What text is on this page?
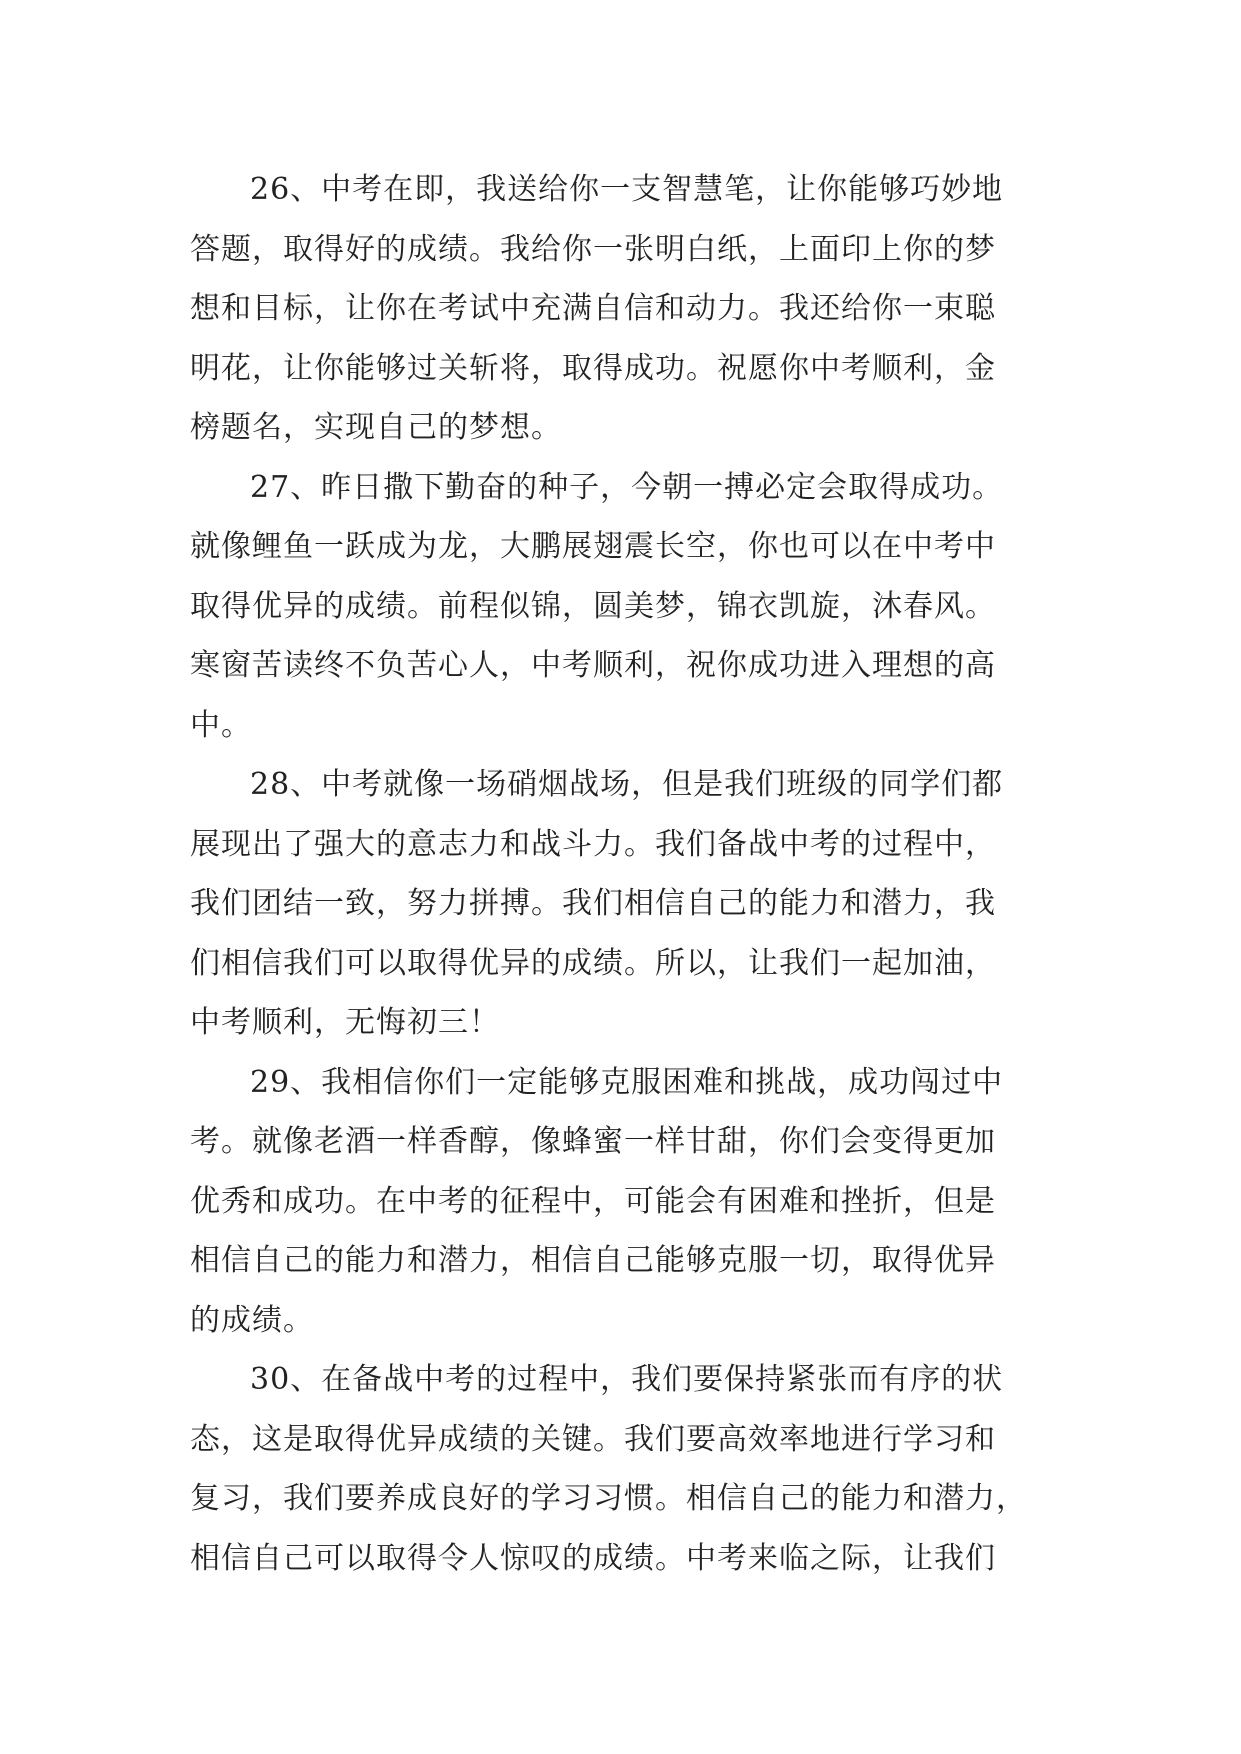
26、中考在即，我送给你一支智慧笔，让你能够巧妙地
答题，取得好的成绩。我给你一张明白纸，上面印上你的梦
想和目标，让你在考试中充满自信和动力。我还给你一束聪
明花，让你能够过关斩将，取得成功。祝愿你中考顺利，金
榜题名，实现自己的梦想。
27、昨日撒下勤奋的种子，今朝一搏必定会取得成功。
就像鲤鱼一跃成为龙，大鹏展翅震长空，你也可以在中考中
取得优异的成绩。前程似锦，圆美梦，锦衣凯旋，沐春风。
寒窗苦读终不负苦心人，中考顺利，祝你成功进入理想的高
中。
28、中考就像一场硝烟战场，但是我们班级的同学们都
展现出了强大的意志力和战斗力。我们备战中考的过程中，
我们团结一致，努力拼搏。我们相信自己的能力和潜力，我
们相信我们可以取得优异的成绩。所以，让我们一起加油，
中考顺利，无悔初三！
29、我相信你们一定能够克服困难和挑战，成功闯过中
考。就像老酒一样香醇，像蜂蜜一样甘甜，你们会变得更加
优秀和成功。在中考的征程中，可能会有困难和挫折，但是
相信自己的能力和潜力，相信自己能够克服一切，取得优异
的成绩。
30、在备战中考的过程中，我们要保持紧张而有序的状
态，这是取得优异成绩的关键。我们要高效率地进行学习和
复习，我们要养成良好的学习习惯。相信自己的能力和潜力，
相信自己可以取得令人惊叹的成绩。中考来临之际，让我们
